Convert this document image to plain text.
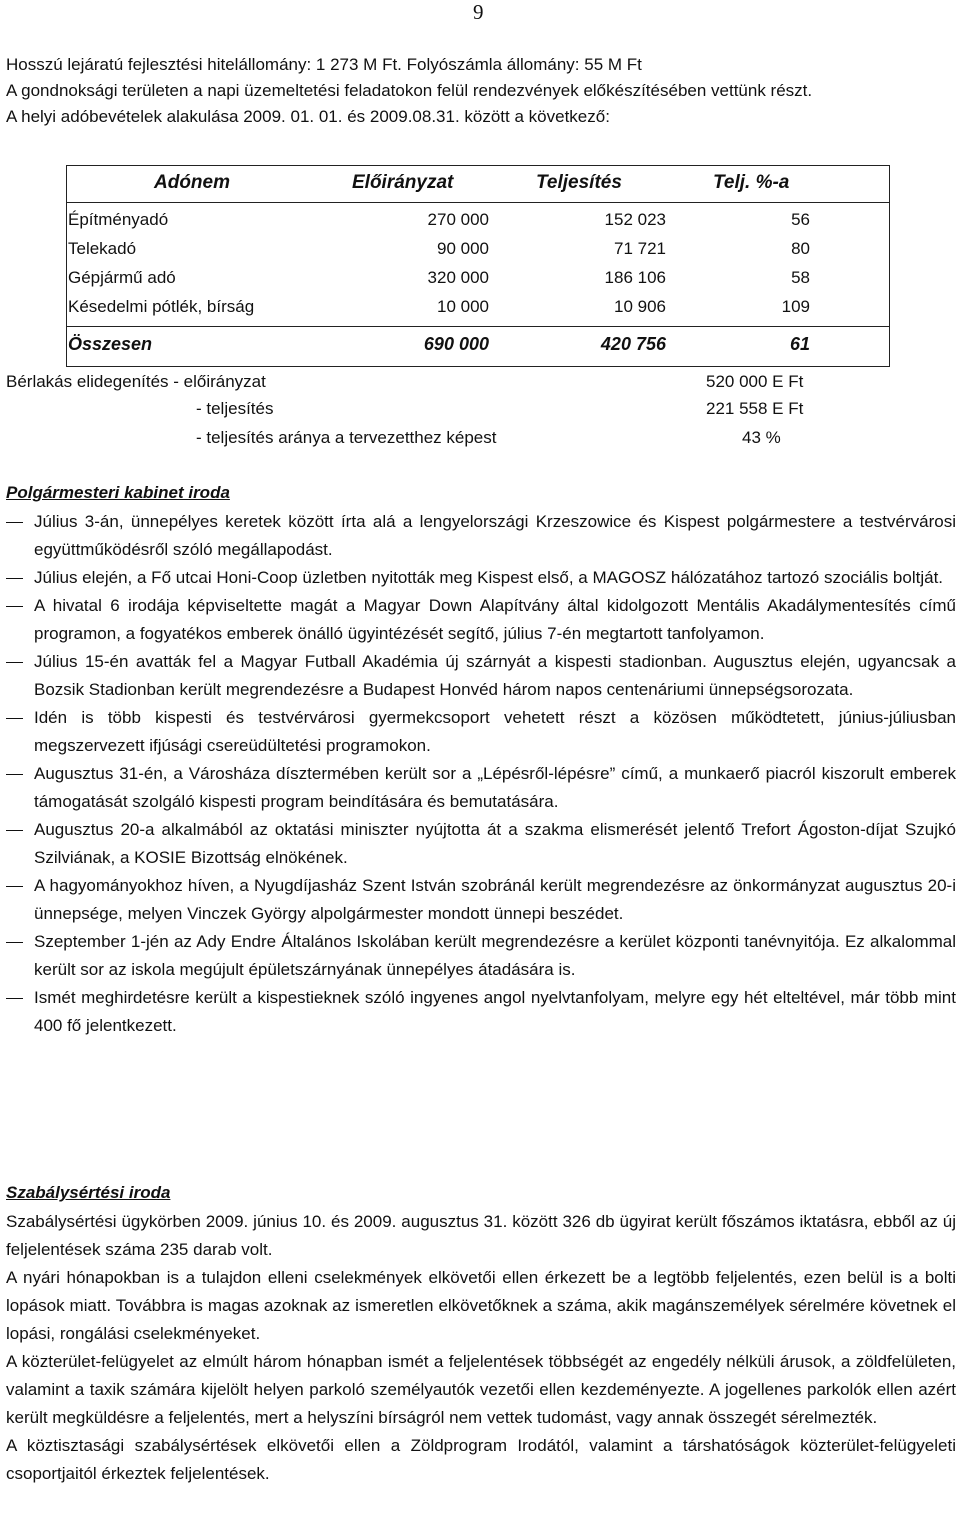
9
Hosszú lejáratú fejlesztési hitelállomány: 1 273 M Ft. Folyószámla állomány: 55 M Ft
A gondnoksági területen a napi üzemeltetési feladatokon felül rendezvények előkészítésében vettünk részt.
A helyi adóbevételek alakulása 2009. 01. 01. és 2009.08.31. között a következő:
Adónem	Előirányzat	Teljesítés	Telj. %-a
Építményadó	270 000	152 023	56
Telekadó	90 000	71 721	80
Gépjármű adó	320 000	186 106	58
Késedelmi pótlék, bírság	10 000	10 906	109
Összesen	690 000	420 756	61
Bérlakás elidegenítés - előirányzat	520 000 E Ft
- teljesítés	221 558 E Ft
- teljesítés aránya a tervezetthez képest	43 %
Polgármesteri kabinet iroda
Július 3-án, ünnepélyes keretek között írta alá a lengyelországi Krzeszowice és Kispest polgármestere a testvérvárosi együttműködésről szóló megállapodást.
Július elején, a Fő utcai Honi-Coop üzletben nyitották meg Kispest első, a MAGOSZ hálózatához tartozó szociális boltját.
A hivatal 6 irodája képviseltette magát a Magyar Down Alapítvány által kidolgozott Mentális Akadálymentesítés című programon, a fogyatékos emberek önálló ügyintézését segítő, július 7-én megtartott tanfolyamon.
Július 15-én avatták fel a Magyar Futball Akadémia új szárnyát a kispesti stadionban. Augusztus elején, ugyancsak a Bozsik Stadionban került megrendezésre a Budapest Honvéd három napos centenáriumi ünnepségsorozata.
Idén is több kispesti és testvérvárosi gyermekcsoport vehetett részt a közösen működtetett, június-júliusban megszervezett ifjúsági csereüdültetési programokon.
Augusztus 31-én, a Városháza dísztermében került sor a „Lépésről-lépésre” című, a munkaerő piacról kiszorult emberek támogatását szolgáló kispesti program beindítására és bemutatására.
Augusztus 20-a alkalmából az oktatási miniszter nyújtotta át a szakma elismerését jelentő Trefort Ágoston-díjat Szujkó Szilviának, a KOSIE Bizottság elnökének.
A hagyományokhoz híven, a Nyugdíjasház Szent István szobránál került megrendezésre az önkormányzat augusztus 20-i ünnepsége, melyen Vinczek György alpolgármester mondott ünnepi beszédet.
Szeptember 1-jén az Ady Endre Általános Iskolában került megrendezésre a kerület központi tanévnyitója. Ez alkalommal került sor az iskola megújult épületszárnyának ünnepélyes átadására is.
Ismét meghirdetésre került a kispestieknek szóló ingyenes angol nyelvtanfolyam, melyre egy hét elteltével, már több mint 400 fő jelentkezett.
Szabálysértési iroda

Szabálysértési ügykörben 2009. június 10. és 2009. augusztus 31. között 326 db ügyirat került főszámos iktatásra, ebből az új feljelentések száma 235 darab volt.

A nyári hónapokban is a tulajdon elleni cselekmények elkövetői ellen érkezett be a legtöbb feljelentés, ezen belül is a bolti lopások miatt. Továbbra is magas azoknak az ismeretlen elkövetőknek a száma, akik magánszemélyek sérelmére követnek el lopási, rongálási cselekményeket.

A közterület-felügyelet az elmúlt három hónapban ismét a feljelentések többségét az engedély nélküli árusok, a zöldfelületen, valamint a taxik számára kijelölt helyen parkoló személyautók vezetői ellen kezdeményezte. A jogellenes parkolók ellen azért került megküldésre a feljelentés, mert a helyszíni bírságról nem vettek tudomást, vagy annak összegét sérelmezték.

A köztisztasági szabálysértések elkövetői ellen a Zöldprogram Irodától, valamint a társhatóságok közterület-felügyeleti csoportjaitól érkeztek feljelentések.
